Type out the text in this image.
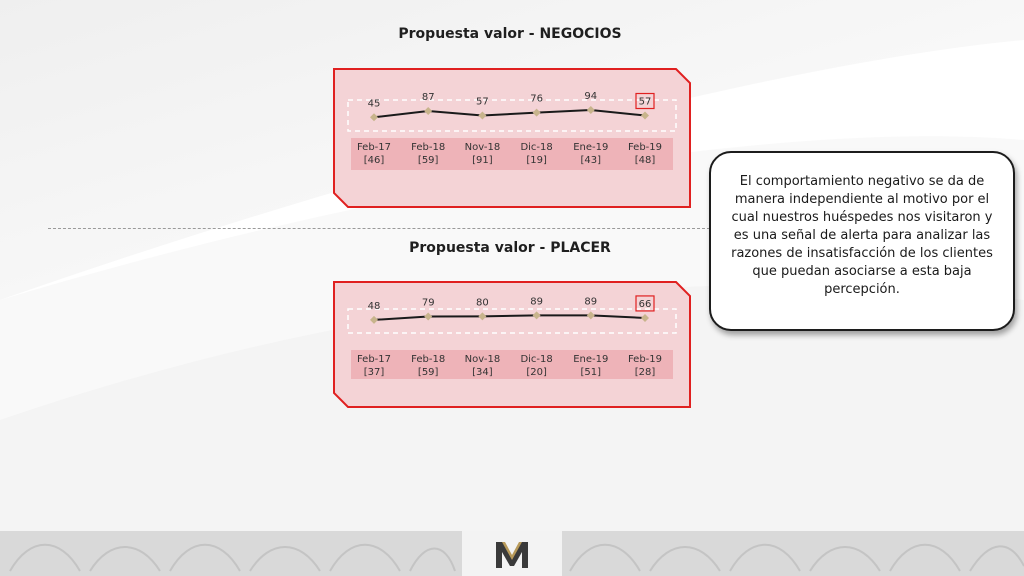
Propuesta valor - NEGOCIOS
45
Feb-17
[46]
87
Feb-18
[59]
57
Nov-18
[91]
76
Dic-18
[19]
94
Ene-19
[43]
57
Feb-19
[48]
Propuesta valor - PLACER
48
Feb-17
[37]
79
Feb-18
[59]
80
Nov-18
[34]
89
Dic-18
[20]
89
Ene-19
[51]
66
Feb-19
[28]
El comportamiento negativo se da de manera independiente al motivo por el cual nuestros huéspedes nos visitaron y es una señal de alerta para analizar las razones de insatisfacción de los clientes que puedan asociarse a esta baja percepción.
